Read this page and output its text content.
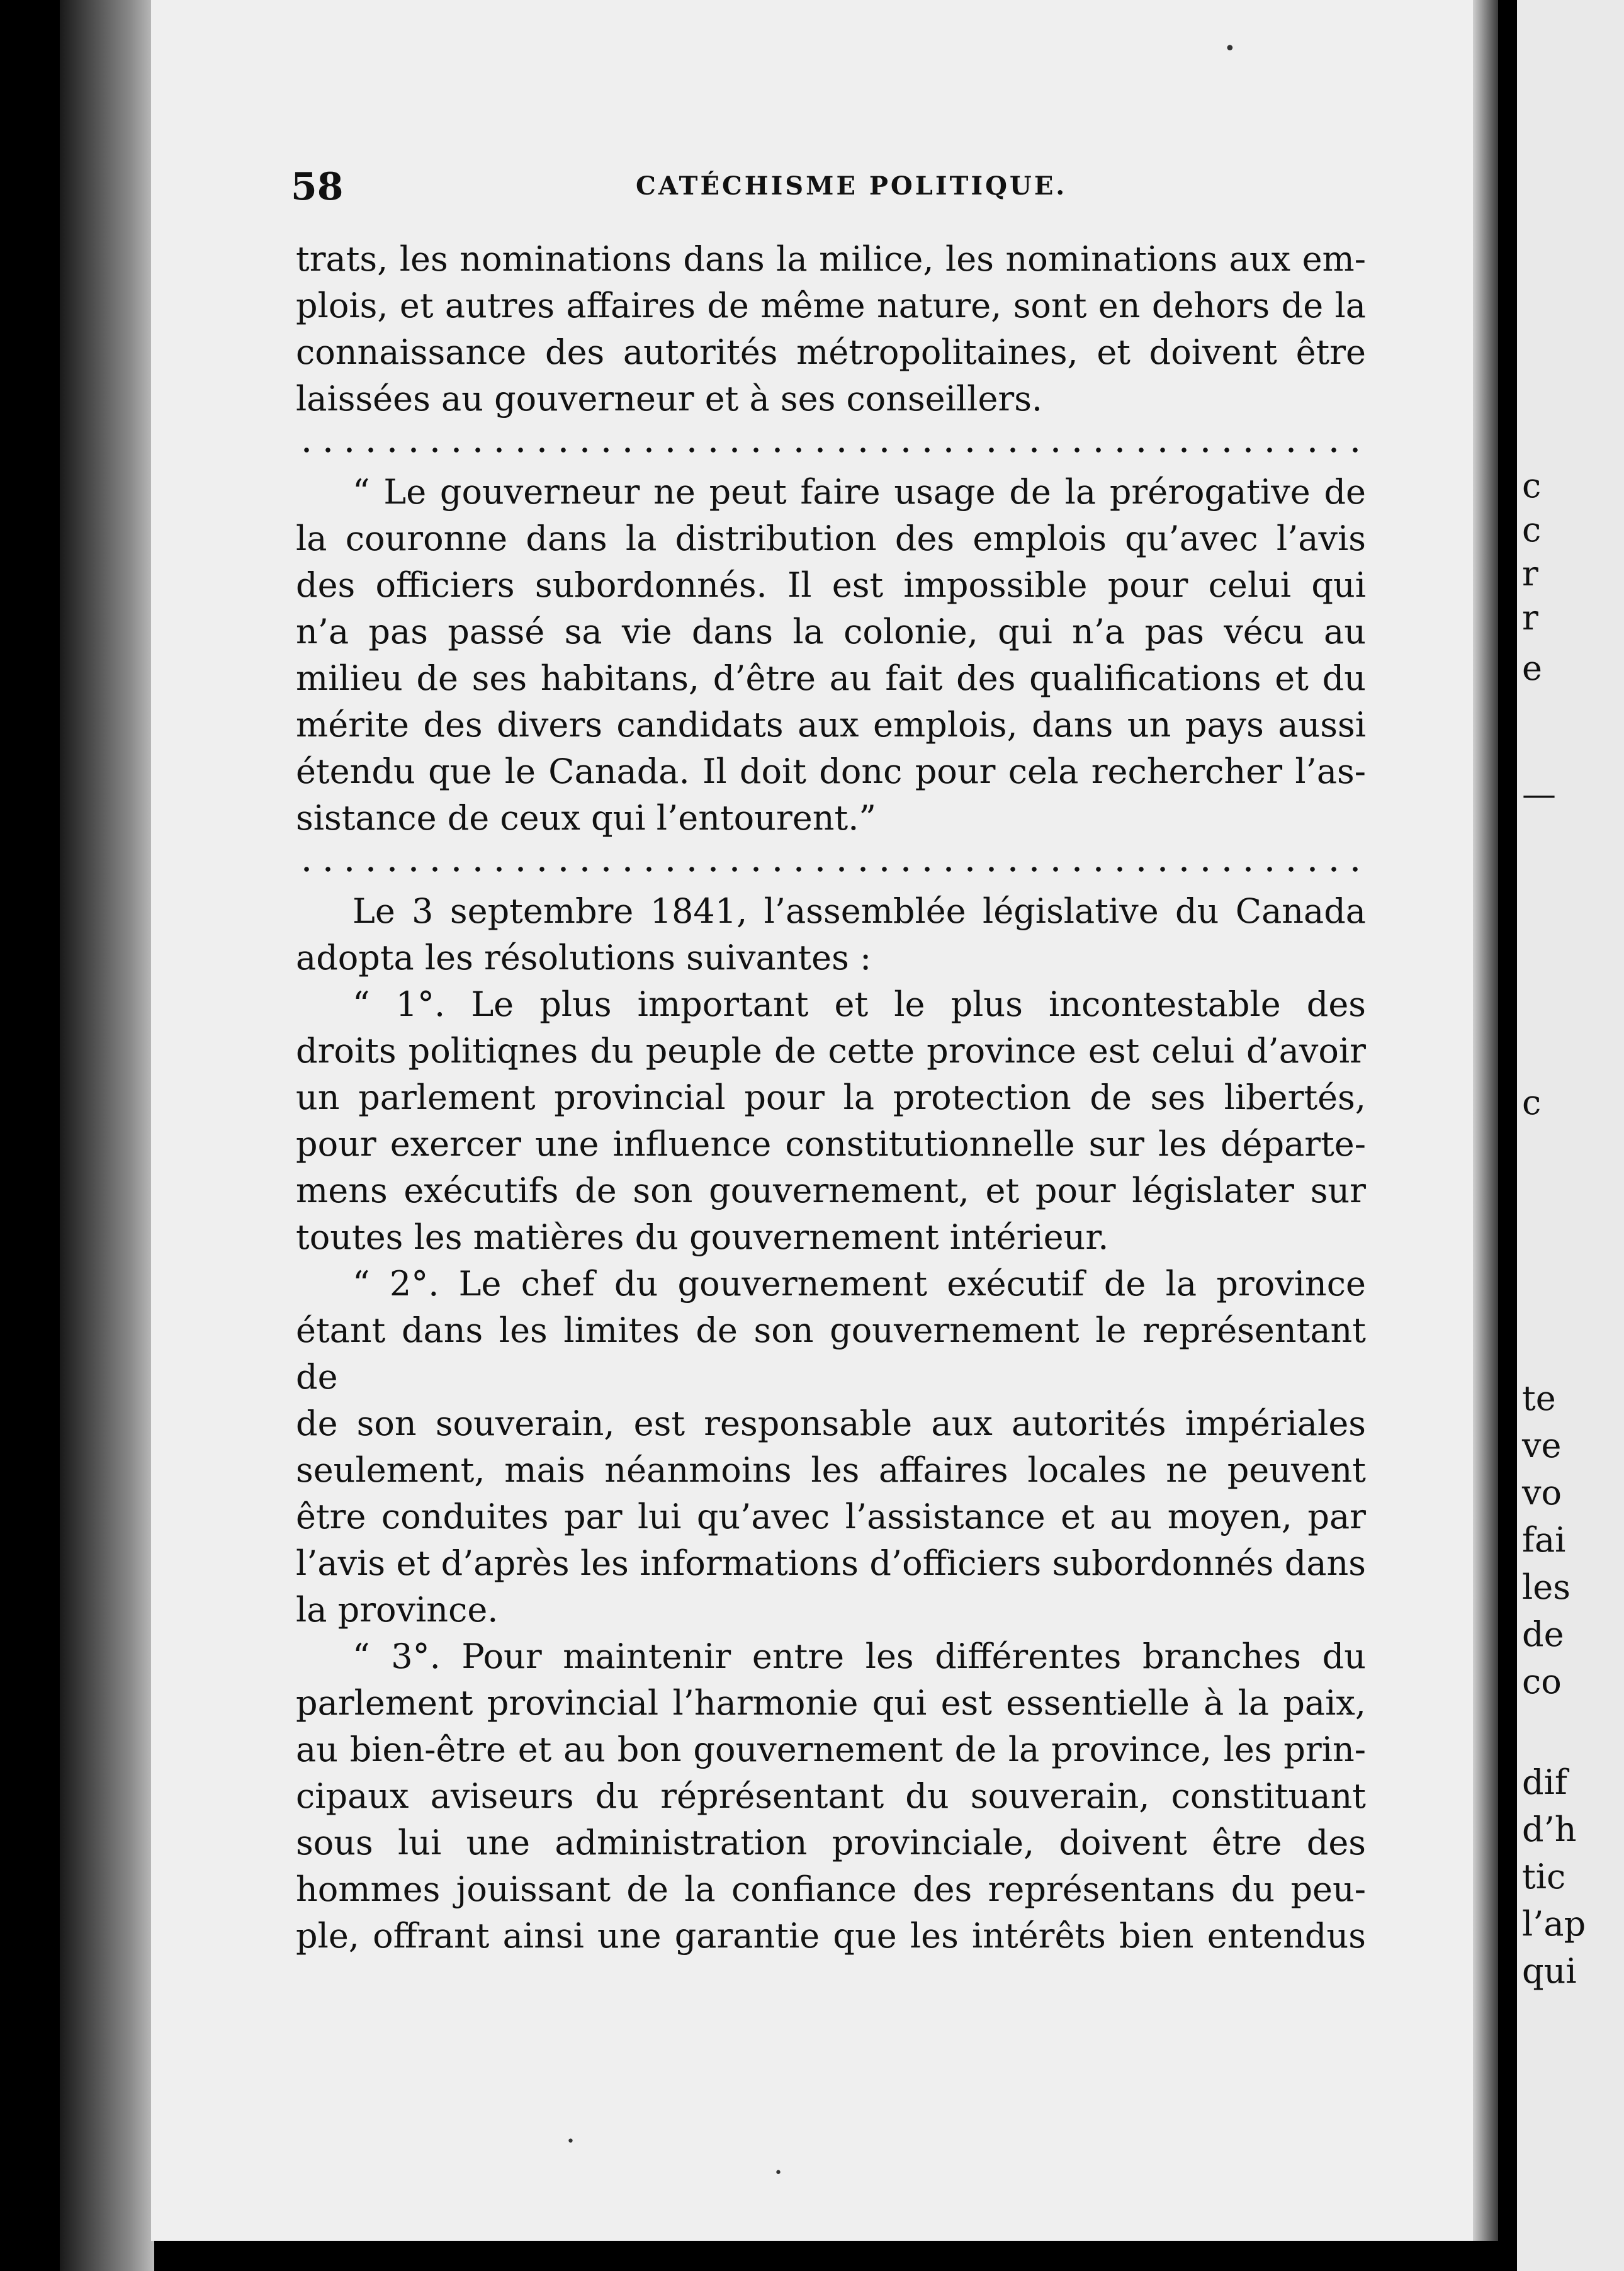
c
c
r
r
e
—
c
te
ve
vo
fai
les
de
co
dif
d’h
tic
l’ap
qui
58	CATÉCHISME POLITIQUE.

trats, les nominations dans la milice, les nominations aux em-

plois, et autres affaires de même nature, sont en dehors de la

connaissance des autorités métropolitaines, et doivent être

laissées au gouverneur et à ses conseillers.

“ Le gouverneur ne peut faire usage de la prérogative de

la couronne dans la distribution des emplois qu’avec l’avis

des officiers subordonnés. Il est impossible pour celui qui

n’a pas passé sa vie dans la colonie, qui n’a pas vécu au

milieu de ses habitans, d’être au fait des qualifications et du

mérite des divers candidats aux emplois, dans un pays aussi

étendu que le Canada. Il doit donc pour cela rechercher l’as-

sistance de ceux qui l’entourent.”

Le 3 septembre 1841, l’assemblée législative du Canada

adopta les résolutions suivantes :

“ 1°. Le plus important et le plus incontestable des

droits politiqnes du peuple de cette province est celui d’avoir

un parlement provincial pour la protection de ses libertés,

pour exercer une influence constitutionnelle sur les départe-

mens exécutifs de son gouvernement, et pour législater sur

toutes les matières du gouvernement intérieur.

“ 2°. Le chef du gouvernement exécutif de la province

étant dans les limites de son gouvernement le représentant de

de son souverain, est responsable aux autorités impériales

seulement, mais néanmoins les affaires locales ne peuvent

être conduites par lui qu’avec l’assistance et au moyen, par

l’avis et d’après les informations d’officiers subordonnés dans

la province.

“ 3°. Pour maintenir entre les différentes branches du

parlement provincial l’harmonie qui est essentielle à la paix,

au bien-être et au bon gouvernement de la province, les prin-

cipaux aviseurs du réprésentant du souverain, constituant

sous lui une administration provinciale, doivent être des

hommes jouissant de la confiance des représentans du peu-

ple, offrant ainsi une garantie que les intérêts bien entendus

•
•
•
